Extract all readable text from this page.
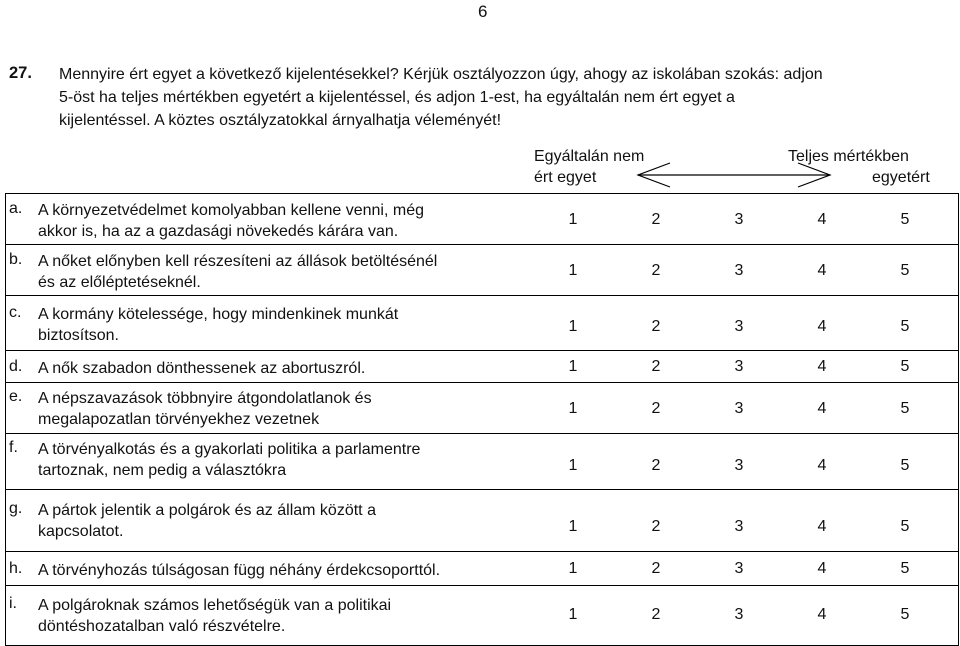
6
27. Mennyire ért egyet a következő kijelentésekkel? Kérjük osztályozzon úgy, ahogy az iskolában szokás: adjon
5-öst ha teljes mértékben egyetért a kijelentéssel, és adjon 1-est, ha egyáltalán nem ért egyet a
kijelentéssel. A köztes osztályzatokkal árnyalhatja véleményét!
Egyáltalán nem
ért egyet
Teljes mértékben
egyetért
a. A környezetvédelmet komolyabban kellene venni, még
akkor is, ha az a gazdasági növekedés kárára van.
1	2	3	4	5
b. A nőket előnyben kell részesíteni az állások betöltésénél
és az előléptetéseknél.
1	2	3	4	5
c. A kormány kötelessége, hogy mindenkinek munkát
biztosítson.
1	2	3	4	5
d. A nők szabadon dönthessenek az abortuszról.	1	2	3	4	5
e. A népszavazások többnyire átgondolatlanok és
megalapozatlan törvényekhez vezetnek
1	2	3	4	5
f. A törvényalkotás és a gyakorlati politika a parlamentre
tartoznak, nem pedig a választókra	1	2	3	4	5
g. A pártok jelentik a polgárok és az állam között a
kapcsolatot.	1	2	3	4	5
h. A törvényhozás túlságosan függ néhány érdekcsoporttól.	1	2	3	4	5
i. A polgároknak számos lehetőségük van a politikai
döntéshozatalban való részvételre.
1	2	3	4	5
